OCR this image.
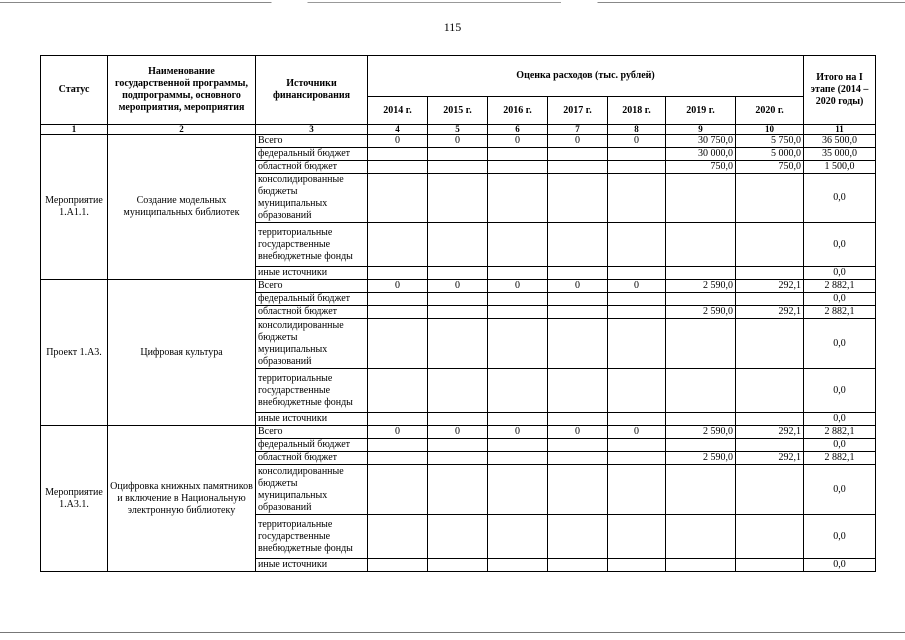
115
Статус	Наименование государственной программы, подпрограммы, основного мероприятия, мероприятия	Источники финансирования	Оценка расходов (тыс. рублей)							Итого на I этапе (2014 – 2020 годы)
			2014 г.	2015 г.	2016 г.	2017 г.	2018 г.	2019 г.	2020 г.	
1	2	3	4	5	6	7	8	9	10	11
Мероприятие 1.А1.1.	Создание модельных муниципальных библиотек	Всего	0	0	0	0	0	30 750,0	5 750,0	36 500,0
		федеральный бюджет						30 000,0	5 000,0	35 000,0
		областной бюджет						750,0	750,0	1 500,0
		консолидированные бюджеты муниципальных образований								0,0
		территориальные государственные внебюджетные фонды								0,0
		иные источники								0,0
Проект 1.А3.	Цифровая культура	Всего	0	0	0	0	0	2 590,0	292,1	2 882,1
		федеральный бюджет								0,0
		областной бюджет						2 590,0	292,1	2 882,1
		консолидированные бюджеты муниципальных образований								0,0
		территориальные государственные внебюджетные фонды								0,0
		иные источники								0,0
Мероприятие 1.А3.1.	Оцифровка книжных памятников и включение в Национальную электронную библиотеку	Всего	0	0	0	0	0	2 590,0	292,1	2 882,1
		федеральный бюджет								0,0
		областной бюджет						2 590,0	292,1	2 882,1
		консолидированные бюджеты муниципальных образований								0,0
		территориальные государственные внебюджетные фонды								0,0
		иные источники								0,0
